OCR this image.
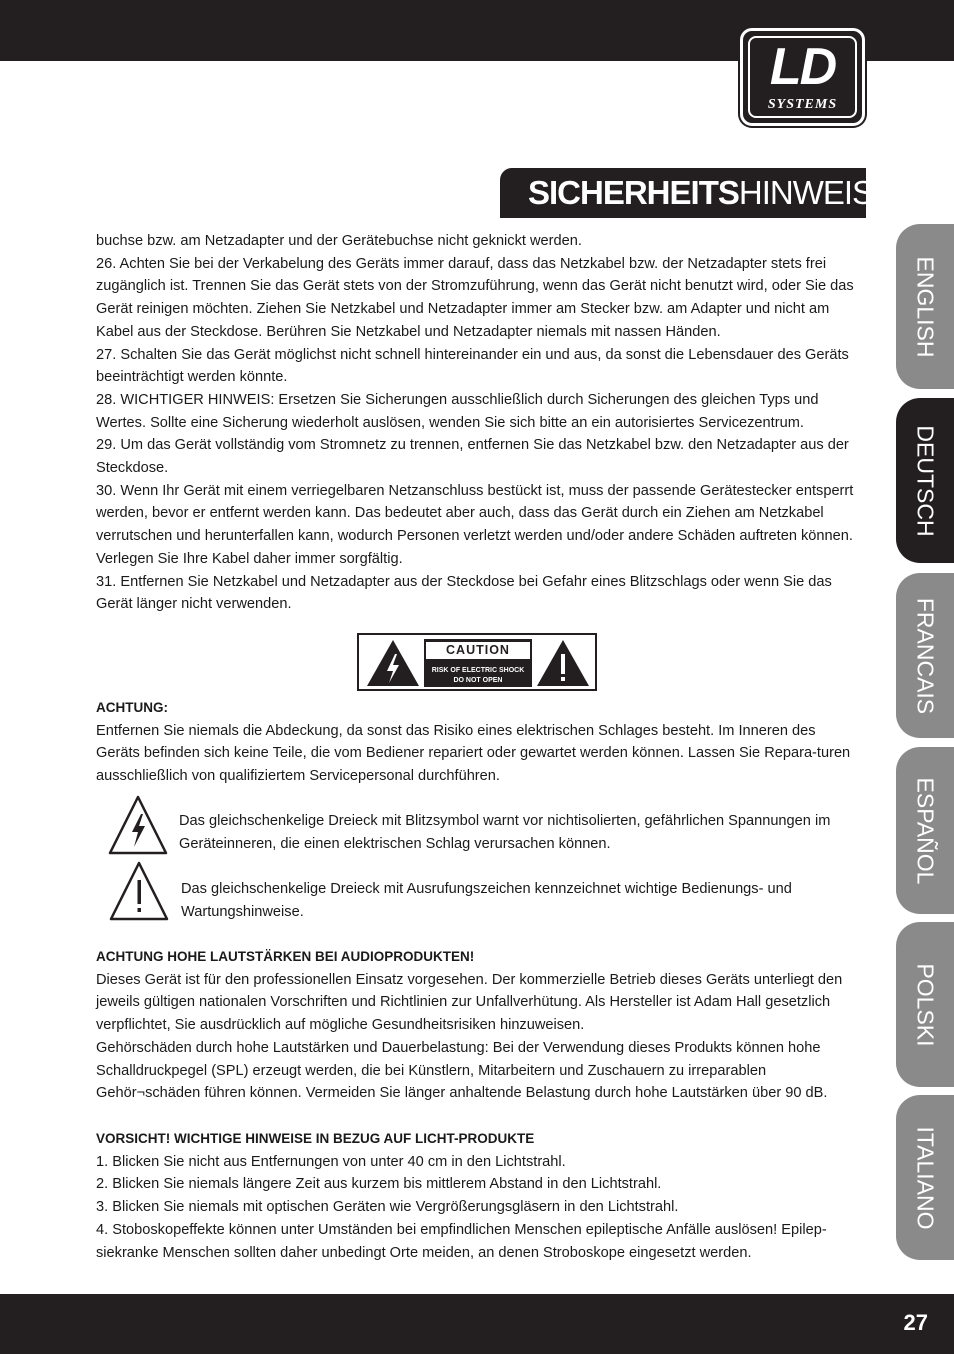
LD
SYSTEMS
SICHERHEITSHINWEISE:
ENGLISH
DEUTSCH
FRANCAIS
ESPAÑOL
POLSKI
ITALIANO

buchse bzw. am Netzadapter und der Gerätebuchse nicht geknickt werden.

26. Achten Sie bei der Verkabelung des Geräts immer darauf, dass das Netzkabel bzw. der Netzadapter stets frei zugänglich ist. Trennen Sie das Gerät stets von der Stromzuführung, wenn das Gerät nicht benutzt wird, oder Sie das Gerät reinigen möchten. Ziehen Sie Netzkabel und Netzadapter immer am Stecker bzw. am Adapter und nicht am Kabel aus der Steckdose. Berühren Sie Netzkabel und Netzadapter niemals mit nassen Händen.

27. Schalten Sie das Gerät möglichst nicht schnell hintereinander ein und aus, da sonst die Lebensdauer des Geräts beeinträchtigt werden könnte.

28. WICHTIGER HINWEIS: Ersetzen Sie Sicherungen ausschließlich durch Sicherungen des gleichen Typs und Wertes. Sollte eine Sicherung wiederholt auslösen, wenden Sie sich bitte an ein autorisiertes Servicezentrum.

29. Um das Gerät vollständig vom Stromnetz zu trennen, entfernen Sie das Netzkabel bzw. den Netzadapter aus der Steckdose.

30. Wenn Ihr Gerät mit einem verriegelbaren Netzanschluss bestückt ist, muss der passende Gerätestecker entsperrt werden, bevor er entfernt werden kann. Das bedeutet aber auch, dass das Gerät durch ein Ziehen am Netzkabel verrutschen und herunterfallen kann, wodurch Personen verletzt werden und/oder andere Schäden auftreten können. Verlegen Sie Ihre Kabel daher immer sorgfältig.

31. Entfernen Sie Netzkabel und Netzadapter aus der Steckdose bei Gefahr eines Blitzschlags oder wenn Sie das Gerät länger nicht verwenden.

CAUTION
RISK OF ELECTRIC SHOCK
DO NOT OPEN

ACHTUNG:

Entfernen Sie niemals die Abdeckung, da sonst das Risiko eines elektrischen Schlages besteht. Im Inneren des Geräts befinden sich keine Teile, die vom Bediener repariert oder gewartet werden können. Lassen Sie Repara-turen ausschließlich von qualifiziertem Servicepersonal durchführen.

Das gleichschenkelige Dreieck mit Blitzsymbol warnt vor nichtisolierten, gefährlichen Spannungen im Geräteinneren, die einen elektrischen Schlag verursachen können.
Das gleichschenkelige Dreieck mit Ausrufungszeichen kennzeichnet wichtige Bedienungs- und Wartungshinweise.

ACHTUNG HOHE LAUTSTÄRKEN BEI AUDIOPRODUKTEN!

Dieses Gerät ist für den professionellen Einsatz vorgesehen. Der kommerzielle Betrieb dieses Geräts unterliegt den jeweils gültigen nationalen Vorschriften und Richtlinien zur Unfallverhütung. Als Hersteller ist Adam Hall gesetzlich verpflichtet, Sie ausdrücklich auf mögliche Gesundheitsrisiken hinzuweisen.

Gehörschäden durch hohe Lautstärken und Dauerbelastung: Bei der Verwendung dieses Produkts können hohe Schalldruckpegel (SPL) erzeugt werden, die bei Künstlern, Mitarbeitern und Zuschauern zu irreparablen Gehör¬schäden führen können. Vermeiden Sie länger anhaltende Belastung durch hohe Lautstärken über 90 dB.

VORSICHT! WICHTIGE HINWEISE IN BEZUG AUF LICHT-PRODUKTE

1. Blicken Sie nicht aus Entfernungen von unter 40 cm in den Lichtstrahl.

2. Blicken Sie niemals längere Zeit aus kurzem bis mittlerem Abstand in den Lichtstrahl.

3. Blicken Sie niemals mit optischen Geräten wie Vergrößerungsgläsern in den Lichtstrahl.

4. Stoboskopeffekte können unter Umständen bei empfindlichen Menschen epileptische Anfälle auslösen! Epilep-siekranke Menschen sollten daher unbedingt Orte meiden, an denen Stroboskope eingesetzt werden.

27
